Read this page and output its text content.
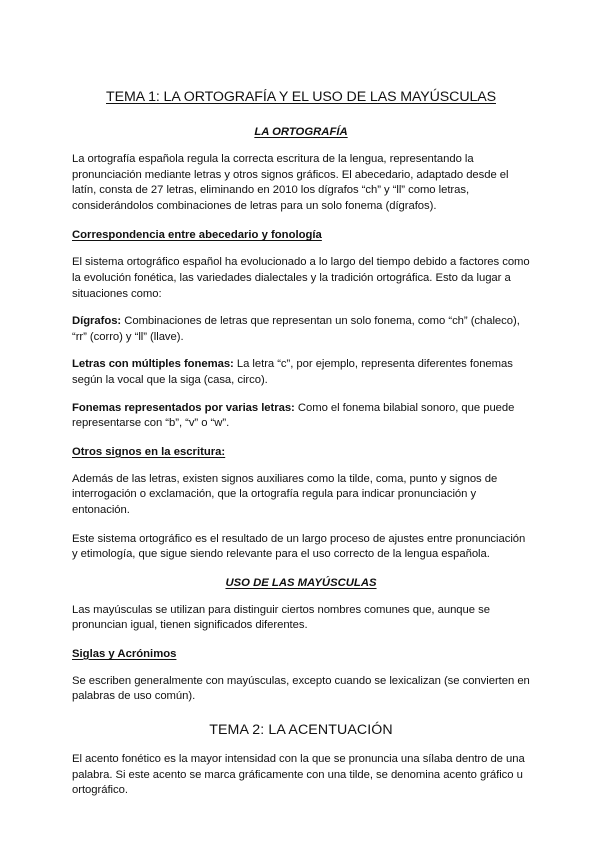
TEMA 1: LA ORTOGRAFÍA Y EL USO DE LAS MAYÚSCULAS
LA ORTOGRAFÍA

La ortografía española regula la correcta escritura de la lengua, representando la pronunciación mediante letras y otros signos gráficos. El abecedario, adaptado desde el latín, consta de 27 letras, eliminando en 2010 los dígrafos “ch” y “ll” como letras, considerándolos combinaciones de letras para un solo fonema (dígrafos).

Correspondencia entre abecedario y fonología

El sistema ortográfico español ha evolucionado a lo largo del tiempo debido a factores como la evolución fonética, las variedades dialectales y la tradición ortográfica. Esto da lugar a situaciones como:

Dígrafos: Combinaciones de letras que representan un solo fonema, como “ch” (chaleco), “rr” (corro) y “ll” (llave).

Letras con múltiples fonemas: La letra “c”, por ejemplo, representa diferentes fonemas según la vocal que la siga (casa, circo).

Fonemas representados por varias letras: Como el fonema bilabial sonoro, que puede representarse con “b”, “v” o “w”.

Otros signos en la escritura:

Además de las letras, existen signos auxiliares como la tilde, coma, punto y signos de interrogación o exclamación, que la ortografía regula para indicar pronunciación y entonación.

Este sistema ortográfico es el resultado de un largo proceso de ajustes entre pronunciación y etimología, que sigue siendo relevante para el uso correcto de la lengua española.

USO DE LAS MAYÚSCULAS

Las mayúsculas se utilizan para distinguir ciertos nombres comunes que, aunque se pronuncian igual, tienen significados diferentes.

Siglas y Acrónimos

Se escriben generalmente con mayúsculas, excepto cuando se lexicalizan (se convierten en palabras de uso común).

TEMA 2: LA ACENTUACIÓN

El acento fonético es la mayor intensidad con la que se pronuncia una sílaba dentro de una palabra. Si este acento se marca gráficamente con una tilde, se denomina acento gráfico u ortográfico.
